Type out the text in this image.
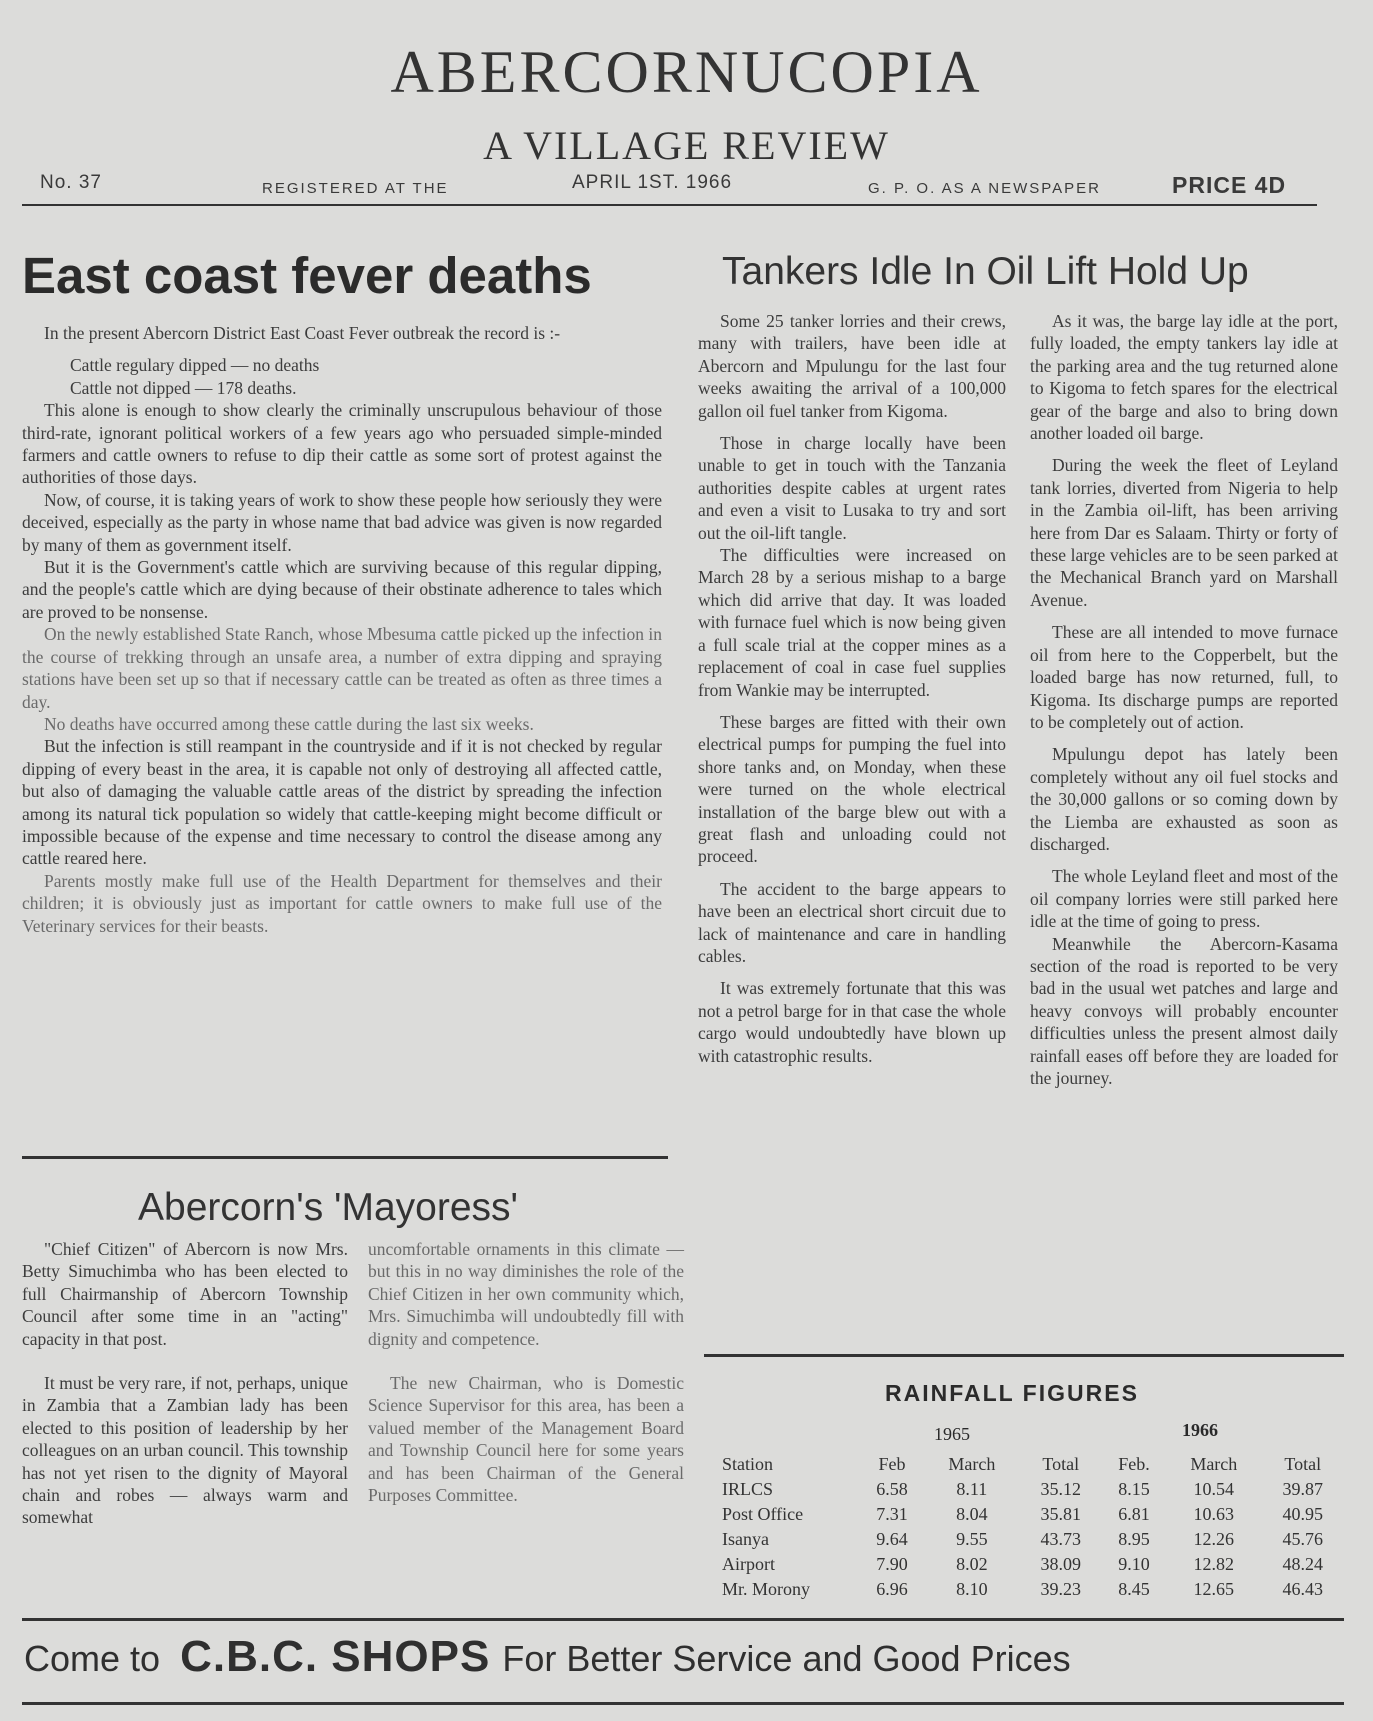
ABERCORNUCOPIA
A VILLAGE REVIEW
No. 37	REGISTERED AT THE	APRIL 1ST. 1966	G. P. O. AS A NEWSPAPER	PRICE 4D
East coast fever deaths

In the present Abercorn District East Coast Fever outbreak the record is :-

Cattle regulary dipped — no deaths

Cattle not dipped — 178 deaths.

This alone is enough to show clearly the criminally unscrupulous behaviour of those third-rate, ignorant political workers of a few years ago who persuaded simple-minded farmers and cattle owners to refuse to dip their cattle as some sort of protest against the authorities of those days.

Now, of course, it is taking years of work to show these people how seriously they were deceived, especially as the party in whose name that bad advice was given is now regarded by many of them as government itself.

But it is the Government's cattle which are surviving because of this regular dipping, and the people's cattle which are dying because of their obstinate adherence to tales which are proved to be nonsense.

On the newly established State Ranch, whose Mbesuma cattle picked up the infection in the course of trekking through an unsafe area, a number of extra dipping and spraying stations have been set up so that if necessary cattle can be treated as often as three times a day.

No deaths have occurred among these cattle during the last six weeks.

But the infection is still reampant in the countryside and if it is not checked by regular dipping of every beast in the area, it is capable not only of destroying all affected cattle, but also of damaging the valuable cattle areas of the district by spreading the infection among its natural tick population so widely that cattle-keeping might become difficult or impossible because of the expense and time necessary to control the disease among any cattle reared here.

Parents mostly make full use of the Health Department for themselves and their children; it is obviously just as important for cattle owners to make full use of the Veterinary services for their beasts.

Abercorn's 'Mayoress'

"Chief Citizen" of Abercorn is now Mrs. Betty Simuchimba who has been elected to full Chairmanship of Abercorn Township Council after some time in an "acting" capacity in that post.

It must be very rare, if not, perhaps, unique in Zambia that a Zambian lady has been elected to this position of leadership by her colleagues on an urban council. This township has not yet risen to the dignity of Mayoral chain and robes — always warm and somewhat

uncomfortable ornaments in this climate — but this in no way diminishes the role of the Chief Citizen in her own community which, Mrs. Simuchimba will undoubtedly fill with dignity and competence.

The new Chairman, who is Domestic Science Supervisor for this area, has been a valued member of the Management Board and Township Council here for some years and has been Chairman of the General Purposes Committee.

Tankers Idle In Oil Lift Hold Up

Some 25 tanker lorries and their crews, many with trailers, have been idle at Abercorn and Mpulungu for the last four weeks awaiting the arrival of a 100,000 gallon oil fuel tanker from Kigoma.

Those in charge locally have been unable to get in touch with the Tanzania authorities despite cables at urgent rates and even a visit to Lusaka to try and sort out the oil-lift tangle.

The difficulties were increased on March 28 by a serious mishap to a barge which did arrive that day. It was loaded with furnace fuel which is now being given a full scale trial at the copper mines as a replacement of coal in case fuel supplies from Wankie may be interrupted.

These barges are fitted with their own electrical pumps for pumping the fuel into shore tanks and, on Monday, when these were turned on the whole electrical installation of the barge blew out with a great flash and unloading could not proceed.

The accident to the barge appears to have been an electrical short circuit due to lack of maintenance and care in handling cables.

It was extremely fortunate that this was not a petrol barge for in that case the whole cargo would undoubtedly have blown up with catastrophic results.

As it was, the barge lay idle at the port, fully loaded, the empty tankers lay idle at the parking area and the tug returned alone to Kigoma to fetch spares for the electrical gear of the barge and also to bring down another loaded oil barge.

During the week the fleet of Leyland tank lorries, diverted from Nigeria to help in the Zambia oil-lift, has been arriving here from Dar es Salaam. Thirty or forty of these large vehicles are to be seen parked at the Mechanical Branch yard on Marshall Avenue.

These are all intended to move furnace oil from here to the Copperbelt, but the loaded barge has now returned, full, to Kigoma. Its discharge pumps are reported to be completely out of action.

Mpulungu depot has lately been completely without any oil fuel stocks and the 30,000 gallons or so coming down by the Liemba are exhausted as soon as discharged.

The whole Leyland fleet and most of the oil company lorries were still parked here idle at the time of going to press.

Meanwhile the Abercorn-Kasama section of the road is reported to be very bad in the usual wet patches and large and heavy convoys will probably encounter difficulties unless the present almost daily rainfall eases off before they are loaded for the journey.

RAINFALL FIGURES
1965	1966
Station	Feb	March	Total	Feb.	March	Total
IRLCS	6.58	8.11	35.12	8.15	10.54	39.87
Post Office	7.31	8.04	35.81	6.81	10.63	40.95
Isanya	9.64	9.55	43.73	8.95	12.26	45.76
Airport	7.90	8.02	38.09	9.10	12.82	48.24
Mr. Morony	6.96	8.10	39.23	8.45	12.65	46.43
Come to C.B.C. SHOPS For Better Service and Good Prices
